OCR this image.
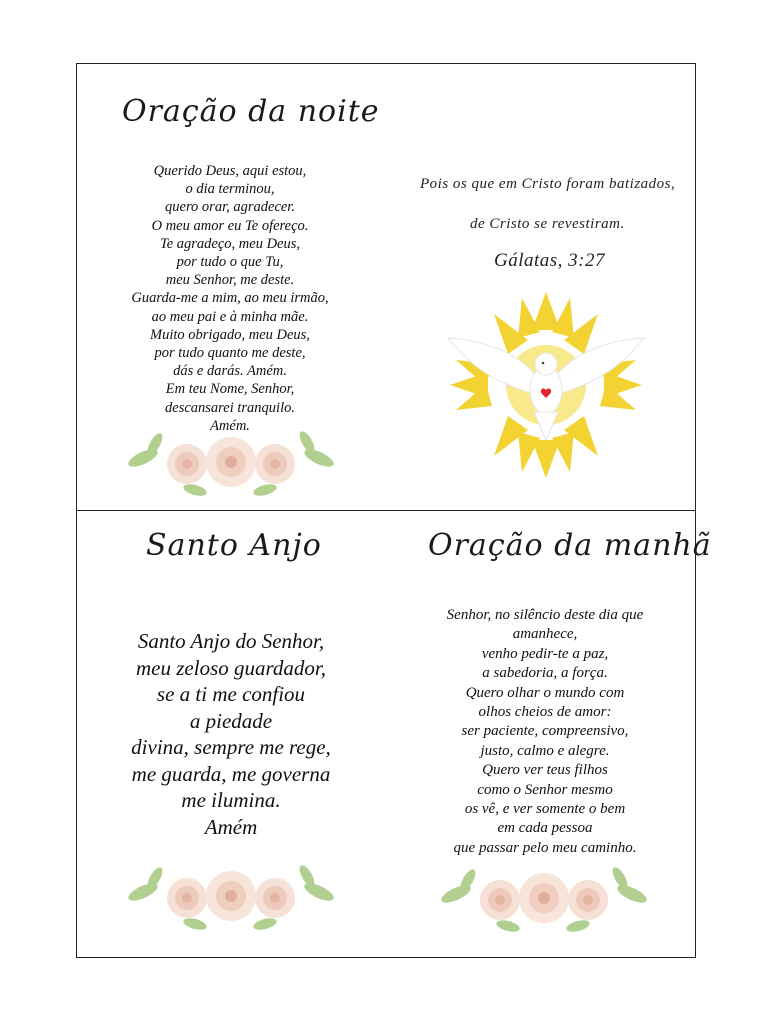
Oração da noite
Querido Deus, aqui estou,
o dia terminou,
quero orar, agradecer.
O meu amor eu Te ofereço.
Te agradeço, meu Deus,
por tudo o que Tu,
meu Senhor, me deste.
Guarda-me a mim, ao meu irmão,
ao meu pai e à minha mãe.
Muito obrigado, meu Deus,
por tudo quanto me deste,
dás e darás. Amém.
Em teu Nome, Senhor,
descansarei tranquilo.
Amém.
Pois os que em Cristo foram batizados,
de Cristo se revestiram.
Gálatas, 3:27
Santo Anjo
Santo Anjo do Senhor,
meu zeloso guardador,
se a ti me confiou
a piedade
divina, sempre me rege,
me guarda, me governa
me ilumina.
Amém
Oração da manhã
Senhor, no silêncio deste dia que
amanhece,
venho pedir-te a paz,
a sabedoria, a força.
Quero olhar o mundo com
olhos cheios de amor:
ser paciente, compreensivo,
justo, calmo e alegre.
Quero ver teus filhos
como o Senhor mesmo
os vê, e ver somente o bem
em cada pessoa
que passar pelo meu caminho.
